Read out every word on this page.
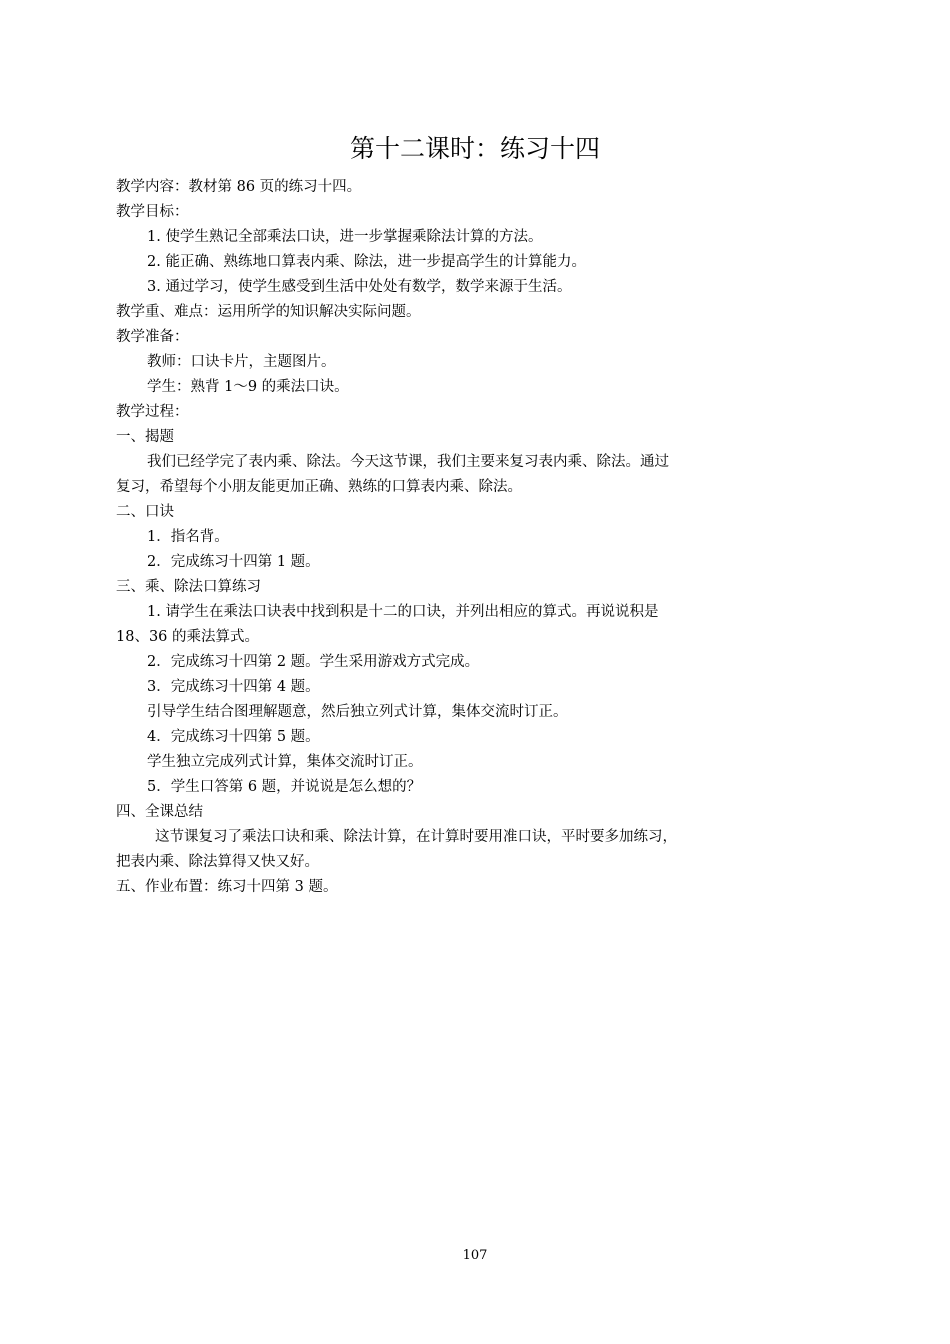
第十二课时：练习十四
教学内容：教材第 86 页的练习十四。
教学目标：
1. 使学生熟记全部乘法口诀，进一步掌握乘除法计算的方法。
2. 能正确、熟练地口算表内乘、除法，进一步提高学生的计算能力。
3. 通过学习，使学生感受到生活中处处有数学，数学来源于生活。
教学重、难点：运用所学的知识解决实际问题。
教学准备：
教师：口诀卡片，主题图片。
学生：熟背 1～9 的乘法口诀。
教学过程：
一、揭题
我们已经学完了表内乘、除法。今天这节课，我们主要来复习表内乘、除法。通过
复习，希望每个小朋友能更加正确、熟练的口算表内乘、除法。
二、口诀
1．指名背。
2．完成练习十四第 1 题。
三、乘、除法口算练习
1. 请学生在乘法口诀表中找到积是十二的口诀，并列出相应的算式。再说说积是
18、36 的乘法算式。
2．完成练习十四第 2 题。学生采用游戏方式完成。
3．完成练习十四第 4 题。
引导学生结合图理解题意，然后独立列式计算，集体交流时订正。
4．完成练习十四第 5 题。
学生独立完成列式计算，集体交流时订正。
5．学生口答第 6 题，并说说是怎么想的？
四、全课总结
这节课复习了乘法口诀和乘、除法计算，在计算时要用准口诀，平时要多加练习，
把表内乘、除法算得又快又好。
五、作业布置：练习十四第 3 题。
107
